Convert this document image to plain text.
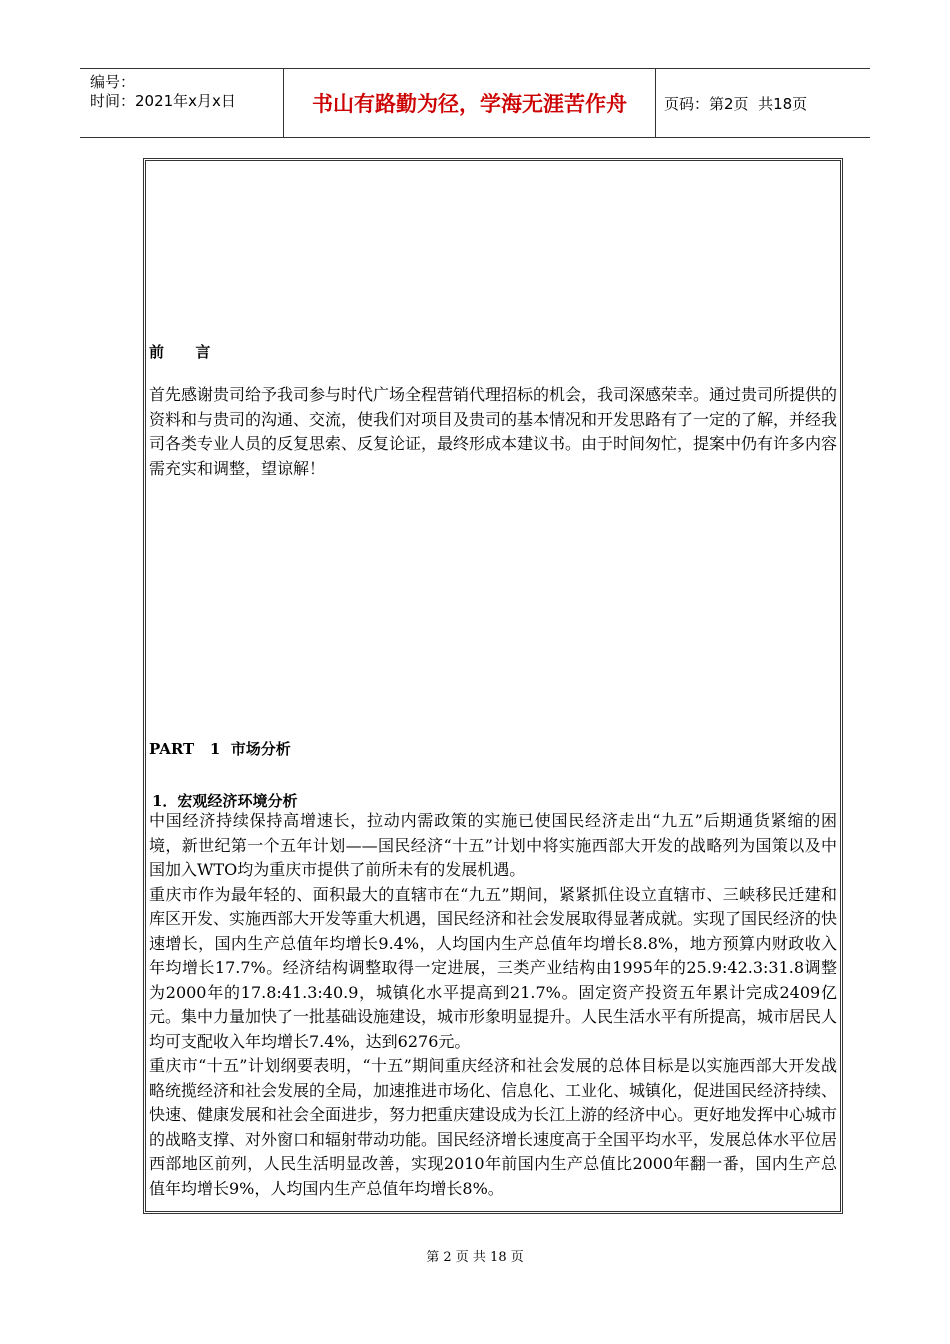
编号：
时间：2021年x月x日	书山有路勤为径，学海无涯苦作舟	页码：第2页  共18页
前      言

首先感谢贵司给予我司参与时代广场全程营销代理招标的机会，我司深感荣幸。通过贵司所提供的资料和与贵司的沟通、交流，使我们对项目及贵司的基本情况和开发思路有了一定的了解，并经我司各类专业人员的反复思索、反复论证，最终形成本建议书。由于时间匆忙，提案中仍有许多内容需充实和调整，望谅解！

PART   1  市场分析
1．宏观经济环境分析

中国经济持续保持高增速长，拉动内需政策的实施已使国民经济走出“九五”后期通货紧缩的困境，新世纪第一个五年计划——国民经济“十五”计划中将实施西部大开发的战略列为国策以及中国加入WTO均为重庆市提供了前所未有的发展机遇。

重庆市作为最年轻的、面积最大的直辖市在“九五”期间，紧紧抓住设立直辖市、三峡移民迁建和库区开发、实施西部大开发等重大机遇，国民经济和社会发展取得显著成就。实现了国民经济的快速增长，国内生产总值年均增长9.4%，人均国内生产总值年均增长8.8%，地方预算内财政收入年均增长17.7%。经济结构调整取得一定进展，三类产业结构由1995年的25.9:42.3:31.8调整为2000年的17.8:41.3:40.9，城镇化水平提高到21.7%。固定资产投资五年累计完成2409亿元。集中力量加快了一批基础设施建设，城市形象明显提升。人民生活水平有所提高，城市居民人均可支配收入年均增长7.4%，达到6276元。

重庆市“十五”计划纲要表明，“十五”期间重庆经济和社会发展的总体目标是以实施西部大开发战略统揽经济和社会发展的全局，加速推进市场化、信息化、工业化、城镇化，促进国民经济持续、快速、健康发展和社会全面进步，努力把重庆建设成为长江上游的经济中心。更好地发挥中心城市的战略支撑、对外窗口和辐射带动功能。国民经济增长速度高于全国平均水平，发展总体水平位居西部地区前列，人民生活明显改善，实现2010年前国内生产总值比2000年翻一番，国内生产总值年均增长9%，人均国内生产总值年均增长8%。

第 2 页 共 18 页
